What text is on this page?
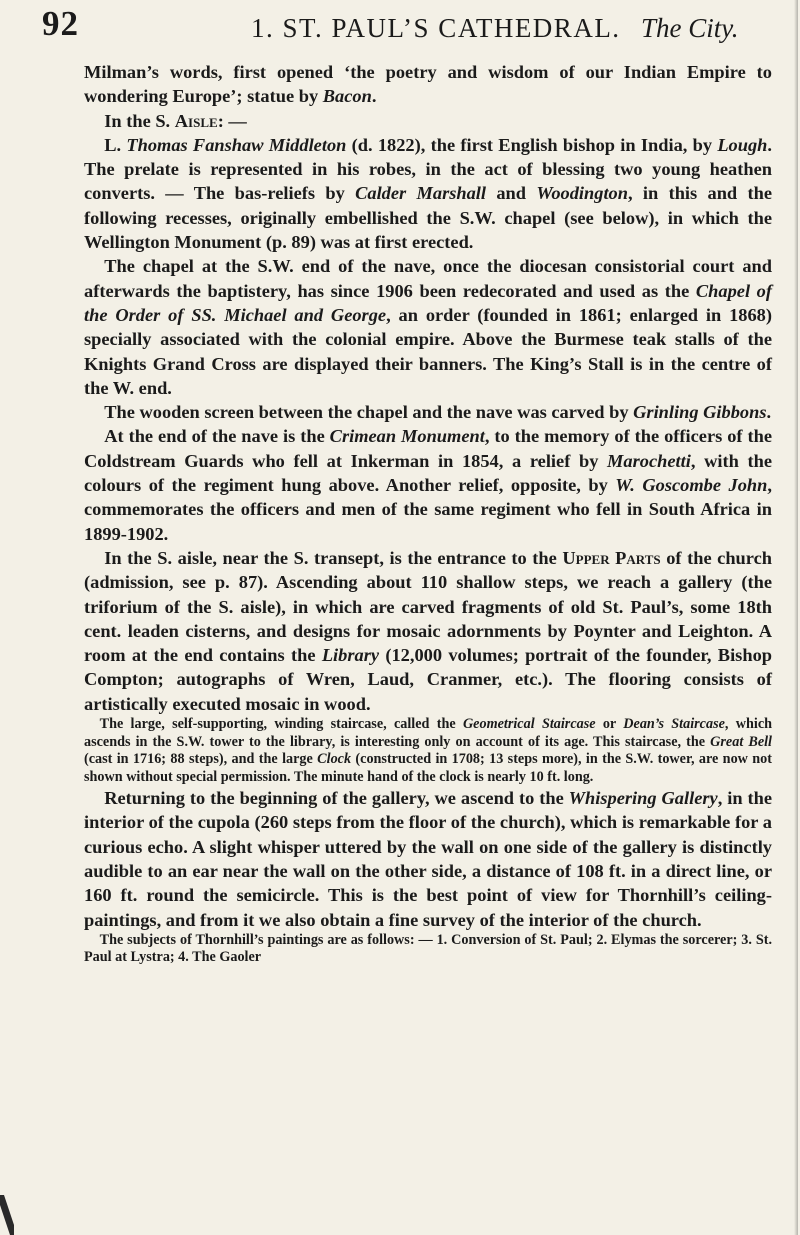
92	1. ST. PAUL’S CATHEDRAL. The City.

Milman’s words, first opened ‘the poetry and wisdom of our Indian Empire to wondering Europe’; statue by Bacon.

In the S. Aisle: —

L. Thomas Fanshaw Middleton (d. 1822), the first English bishop in India, by Lough. The prelate is represented in his robes, in the act of blessing two young heathen converts. — The bas-reliefs by Calder Marshall and Woodington, in this and the following recesses, originally embellished the S.W. chapel (see below), in which the Wellington Monument (p. 89) was at first erected.

The chapel at the S.W. end of the nave, once the diocesan consistorial court and afterwards the baptistery, has since 1906 been redecorated and used as the Chapel of the Order of SS. Michael and George, an order (founded in 1861; enlarged in 1868) specially associated with the colonial empire. Above the Burmese teak stalls of the Knights Grand Cross are displayed their banners. The King’s Stall is in the centre of the W. end.

The wooden screen between the chapel and the nave was carved by Grinling Gibbons.

At the end of the nave is the Crimean Monument, to the memory of the officers of the Coldstream Guards who fell at Inkerman in 1854, a relief by Marochetti, with the colours of the regiment hung above. Another relief, opposite, by W. Goscombe John, commemorates the officers and men of the same regiment who fell in South Africa in 1899-1902.

In the S. aisle, near the S. transept, is the entrance to the Upper Parts of the church (admission, see p. 87). Ascending about 110 shallow steps, we reach a gallery (the triforium of the S. aisle), in which are carved fragments of old St. Paul’s, some 18th cent. leaden cisterns, and designs for mosaic adornments by Poynter and Leighton. A room at the end contains the Library (12,000 volumes; portrait of the founder, Bishop Compton; autographs of Wren, Laud, Cranmer, etc.). The flooring consists of artistically executed mosaic in wood.

The large, self-supporting, winding staircase, called the Geometrical Staircase or Dean’s Staircase, which ascends in the S.W. tower to the library, is interesting only on account of its age. This staircase, the Great Bell (cast in 1716; 88 steps), and the large Clock (constructed in 1708; 13 steps more), in the S.W. tower, are now not shown without special permission. The minute hand of the clock is nearly 10 ft. long.

Returning to the beginning of the gallery, we ascend to the Whispering Gallery, in the interior of the cupola (260 steps from the floor of the church), which is remarkable for a curious echo. A slight whisper uttered by the wall on one side of the gallery is distinctly audible to an ear near the wall on the other side, a distance of 108 ft. in a direct line, or 160 ft. round the semicircle. This is the best point of view for Thornhill’s ceiling-paintings, and from it we also obtain a fine survey of the interior of the church.

The subjects of Thornhill’s paintings are as follows: — 1. Conversion of St. Paul; 2. Elymas the sorcerer; 3. St. Paul at Lystra; 4. The Gaoler
